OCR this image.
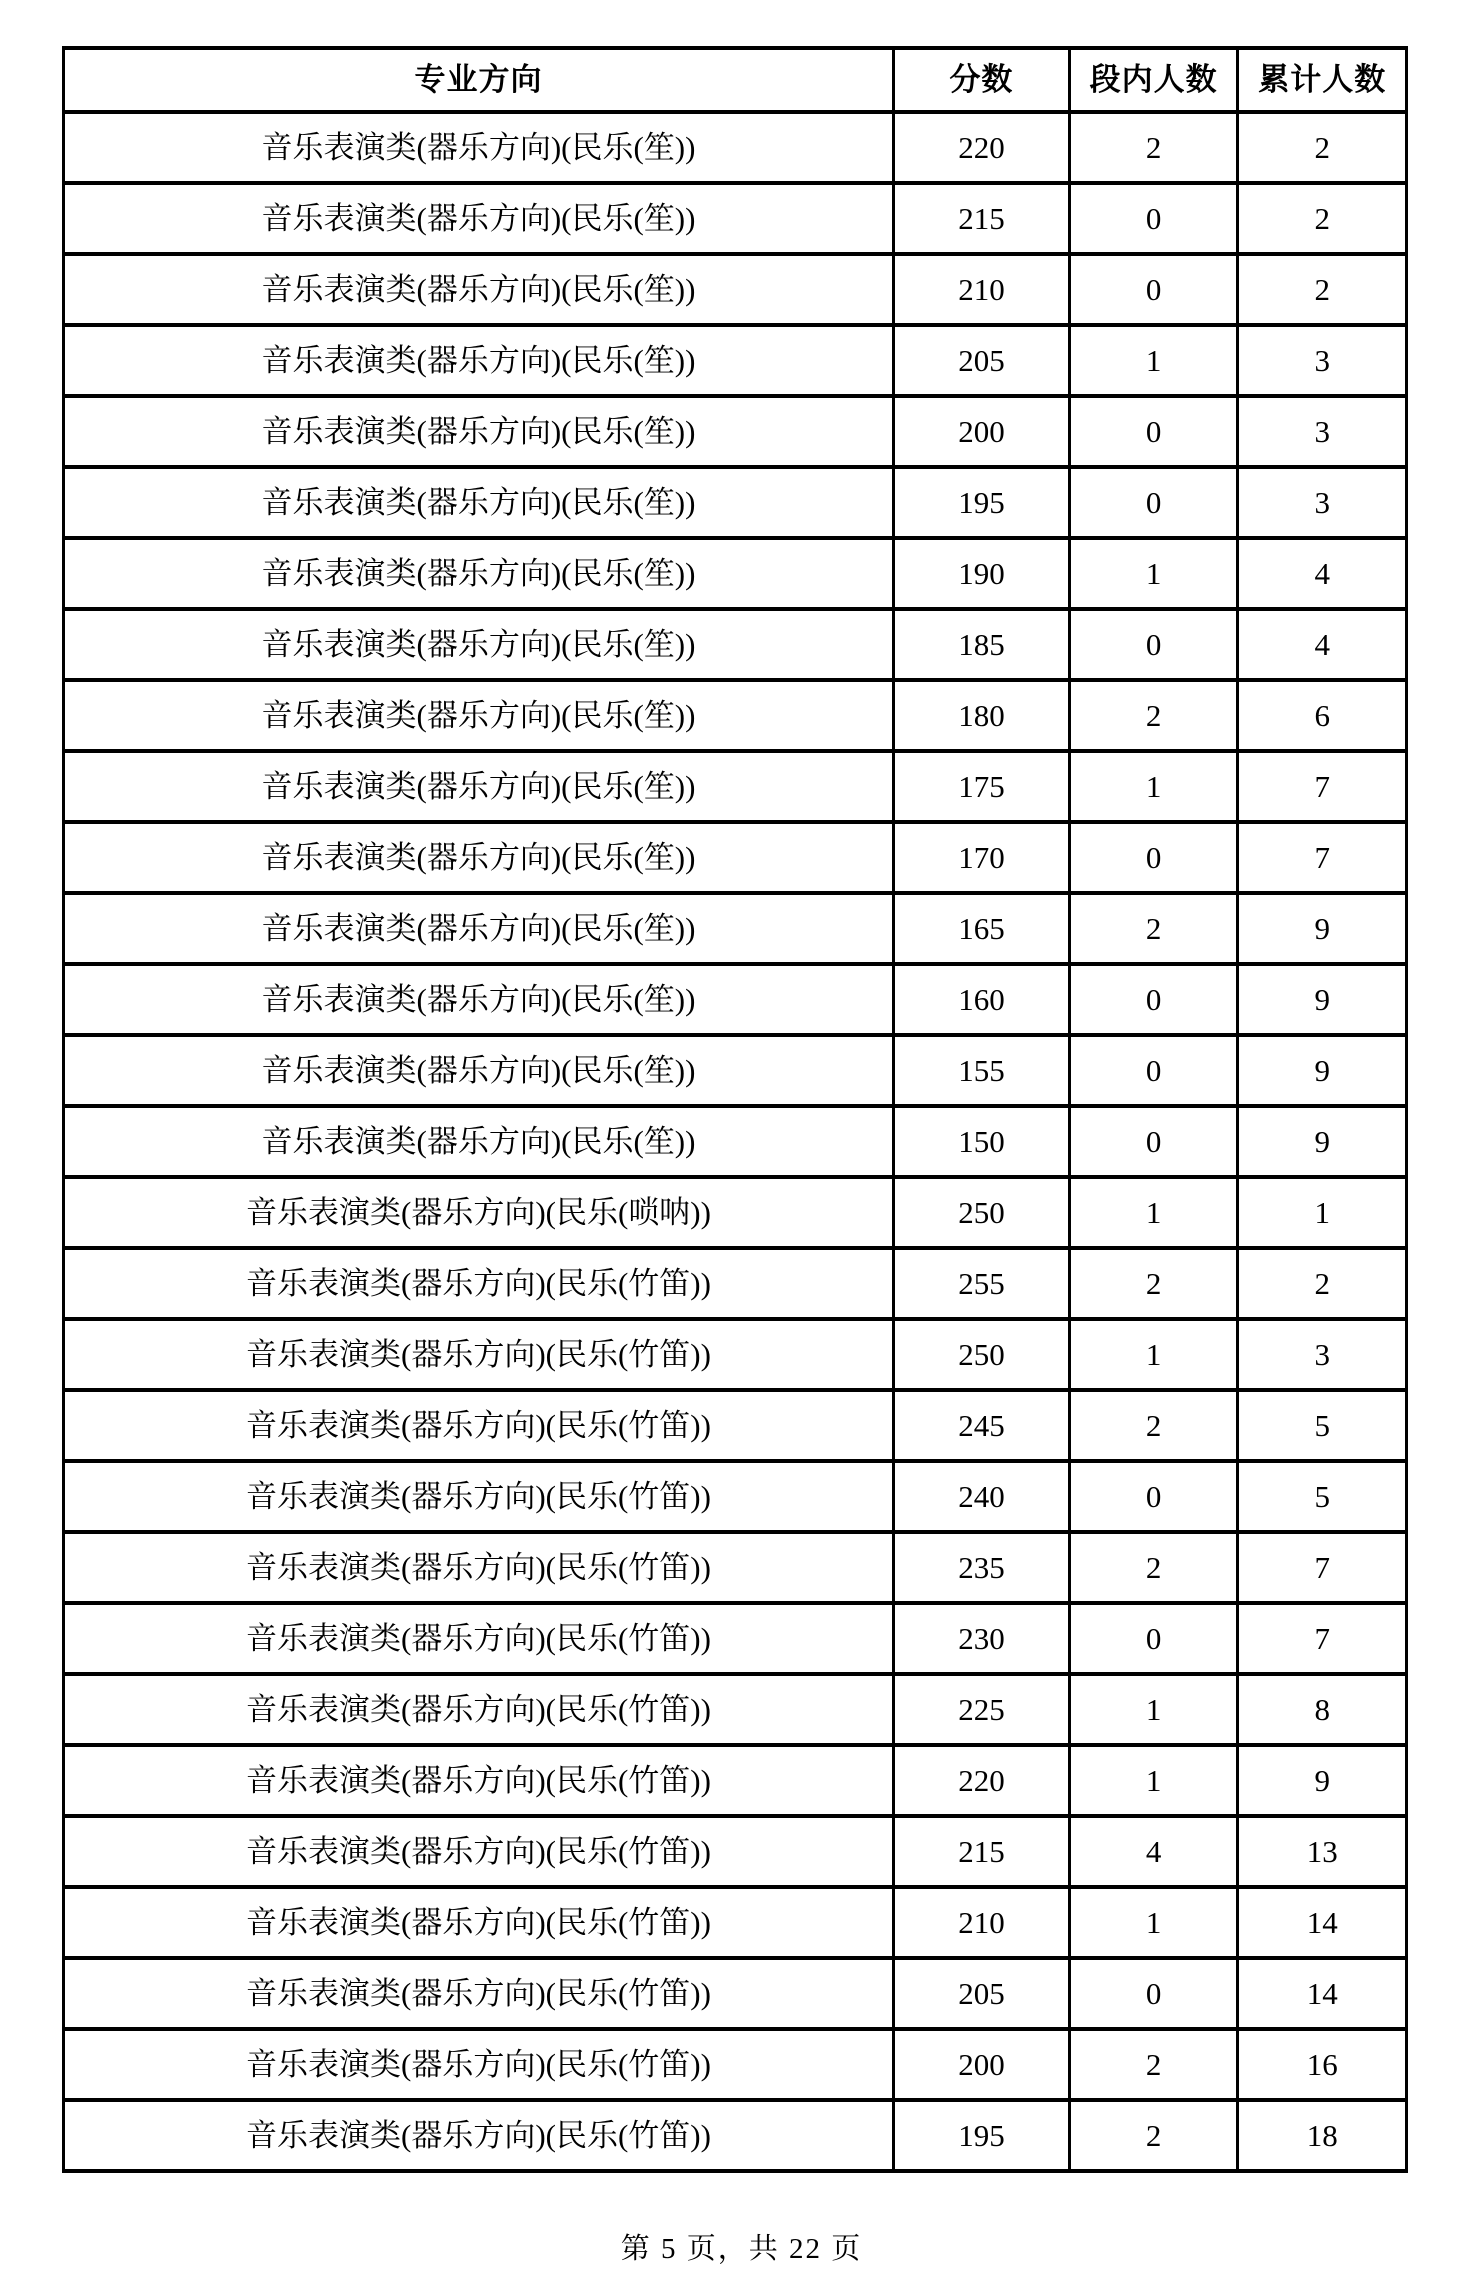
专业方向	分数	段内人数	累计人数
音乐表演类(器乐方向)(民乐(笙))	220	2	2
音乐表演类(器乐方向)(民乐(笙))	215	0	2
音乐表演类(器乐方向)(民乐(笙))	210	0	2
音乐表演类(器乐方向)(民乐(笙))	205	1	3
音乐表演类(器乐方向)(民乐(笙))	200	0	3
音乐表演类(器乐方向)(民乐(笙))	195	0	3
音乐表演类(器乐方向)(民乐(笙))	190	1	4
音乐表演类(器乐方向)(民乐(笙))	185	0	4
音乐表演类(器乐方向)(民乐(笙))	180	2	6
音乐表演类(器乐方向)(民乐(笙))	175	1	7
音乐表演类(器乐方向)(民乐(笙))	170	0	7
音乐表演类(器乐方向)(民乐(笙))	165	2	9
音乐表演类(器乐方向)(民乐(笙))	160	0	9
音乐表演类(器乐方向)(民乐(笙))	155	0	9
音乐表演类(器乐方向)(民乐(笙))	150	0	9
音乐表演类(器乐方向)(民乐(唢呐))	250	1	1
音乐表演类(器乐方向)(民乐(竹笛))	255	2	2
音乐表演类(器乐方向)(民乐(竹笛))	250	1	3
音乐表演类(器乐方向)(民乐(竹笛))	245	2	5
音乐表演类(器乐方向)(民乐(竹笛))	240	0	5
音乐表演类(器乐方向)(民乐(竹笛))	235	2	7
音乐表演类(器乐方向)(民乐(竹笛))	230	0	7
音乐表演类(器乐方向)(民乐(竹笛))	225	1	8
音乐表演类(器乐方向)(民乐(竹笛))	220	1	9
音乐表演类(器乐方向)(民乐(竹笛))	215	4	13
音乐表演类(器乐方向)(民乐(竹笛))	210	1	14
音乐表演类(器乐方向)(民乐(竹笛))	205	0	14
音乐表演类(器乐方向)(民乐(竹笛))	200	2	16
音乐表演类(器乐方向)(民乐(竹笛))	195	2	18
第 5 页，共 22 页
